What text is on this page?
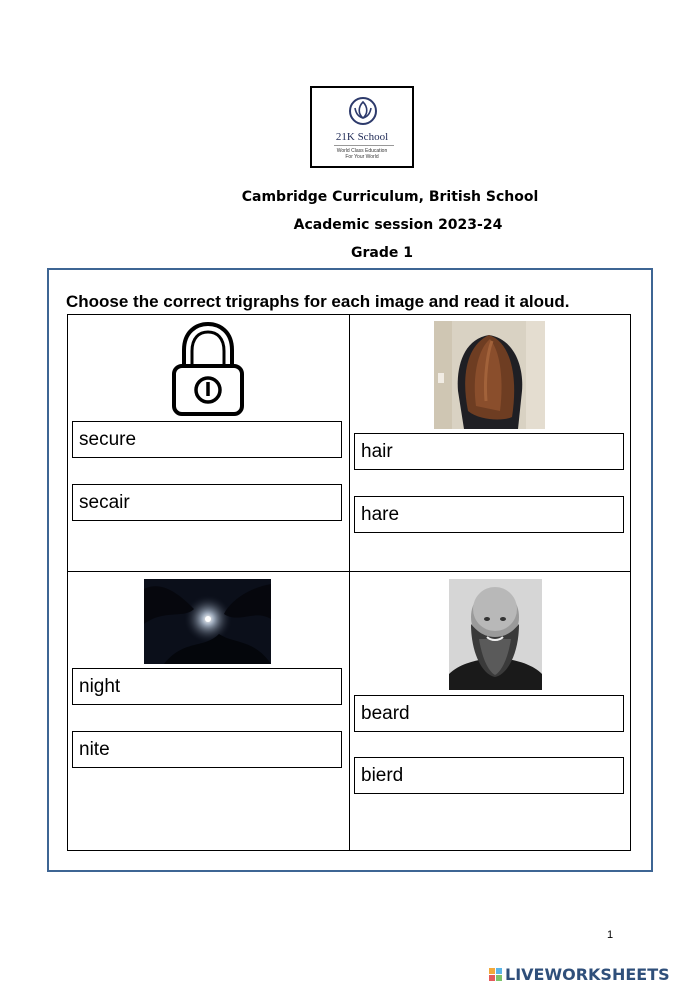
21K School
World Class Education
For Your World
Cambridge Curriculum, British School
Academic session 2023-24
Grade 1
Choose the correct trigraphs for each image and read it aloud.
secure
secair
hair
hare
night
nite
beard
bierd
1
LIVEWORKSHEETS
